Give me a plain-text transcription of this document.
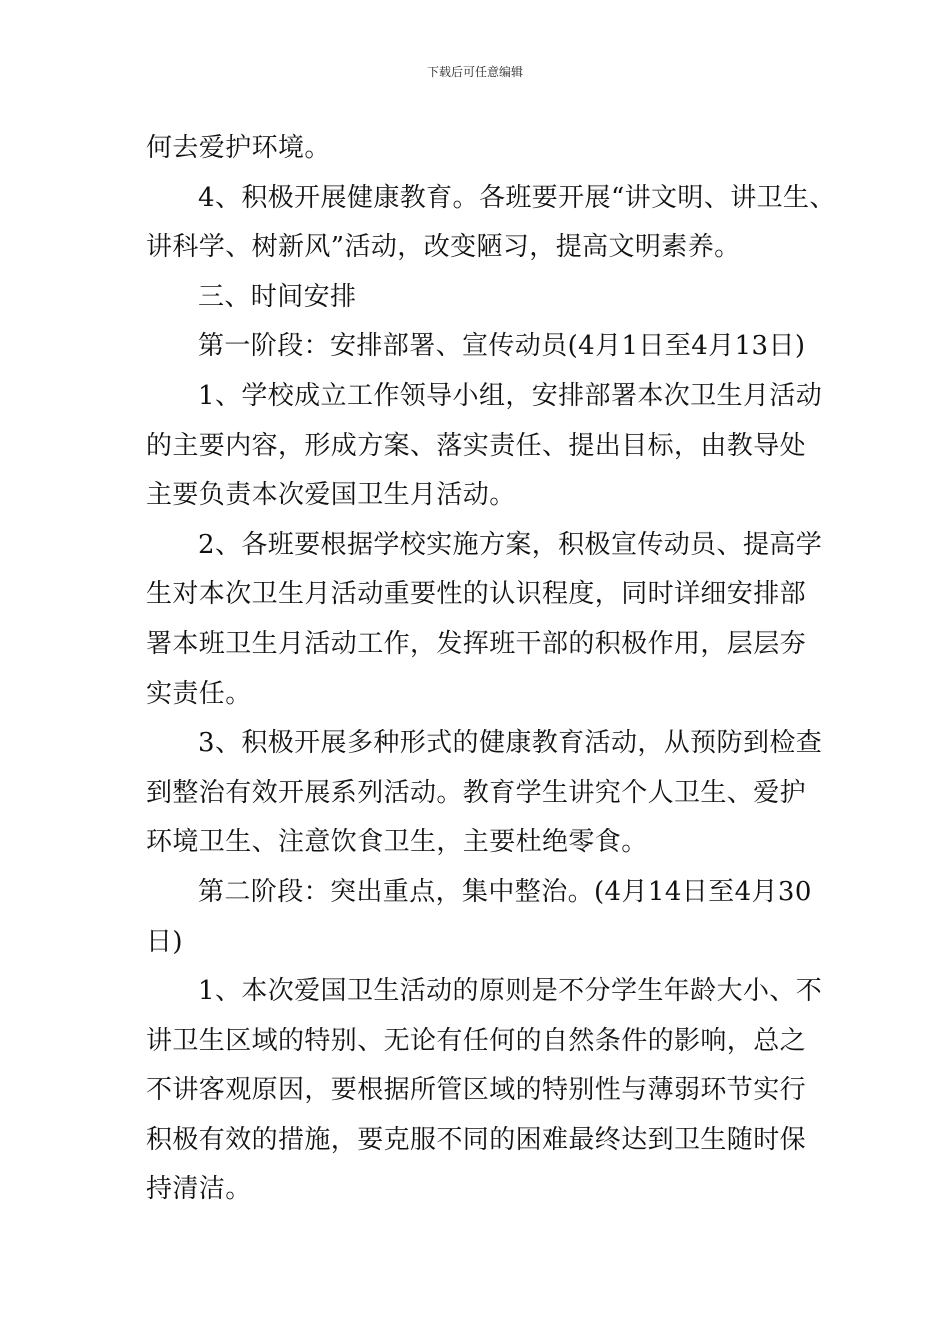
下载后可任意编辑

何去爱护环境。

4、积极开展健康教育。各班要开展“讲文明、讲卫生、

讲科学、树新风”活动，改变陋习，提高文明素养。

三、时间安排

第一阶段：安排部署、宣传动员(4月1日至4月13日)

1、学校成立工作领导小组，安排部署本次卫生月活动

的主要内容，形成方案、落实责任、提出目标，由教导处

主要负责本次爱国卫生月活动。

2、各班要根据学校实施方案，积极宣传动员、提高学

生对本次卫生月活动重要性的认识程度，同时详细安排部

署本班卫生月活动工作，发挥班干部的积极作用，层层夯

实责任。

3、积极开展多种形式的健康教育活动，从预防到检查

到整治有效开展系列活动。教育学生讲究个人卫生、爱护

环境卫生、注意饮食卫生，主要杜绝零食。

第二阶段：突出重点，集中整治。(4月14日至4月30

日)

1、本次爱国卫生活动的原则是不分学生年龄大小、不

讲卫生区域的特别、无论有任何的自然条件的影响，总之

不讲客观原因，要根据所管区域的特别性与薄弱环节实行

积极有效的措施，要克服不同的困难最终达到卫生随时保

持清洁。
